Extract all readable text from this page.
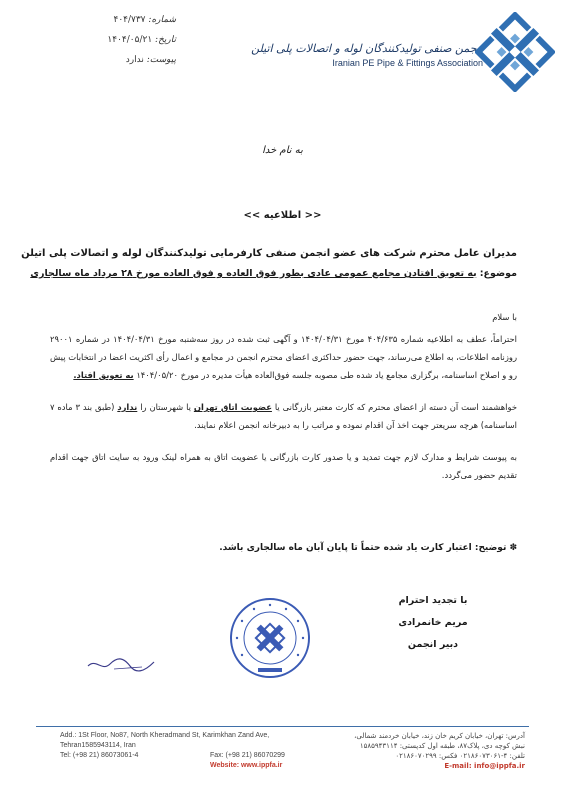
شماره: ۴۰۴/۷۳۷
تاریخ: ۱۴۰۴/۰۵/۲۱
پیوست: ندارد
انجمن صنفی تولیدکنندگان لوله و اتصالات پلی اتیلن
Iranian PE Pipe & Fittings Association
به نام خدا
<< اطلاعیه >>
مدیران عامل محترم شرکت های عضو انجمن صنفی کارفرمایی تولیدکنندگان لوله و اتصالات پلی اتیلن
موضوع: به تعویق افتادن مجامع عمومی عادی بطور فوق العاده و فوق العاده مورخ ۲۸ مرداد ماه سالجاری

با سلام

احتراماً، عطف به اطلاعیه شماره ۴۰۴/۶۳۵ مورخ ۱۴۰۴/۰۴/۳۱ و آگهی ثبت شده در روز سه‌شنبه مورخ ۱۴۰۴/۰۴/۳۱ در شماره ۲۹۰۰۱ روزنامه اطلاعات، به اطلاع می‌رساند، جهت حضور حداکثری اعضای محترم انجمن در مجامع و اعمال رأی اکثریت اعضا در انتخابات پیش رو و اصلاح اساسنامه، برگزاری مجامع یاد شده طی مصوبه جلسه فوق‌العاده هیأت مدیره در مورخ ۱۴۰۴/۰۵/۲۰ به تعویق افتاد.

خواهشمند است آن دسته از اعضای محترم که کارت معتبر بازرگانی یا عضویت اتاق تهران یا شهرستان را ندارد (طبق بند ۳ ماده ۷ اساسنامه) هرچه سریعتر جهت اخذ آن اقدام نموده و مراتب را به دبیرخانه انجمن اعلام نمایند.

به پیوست شرایط و مدارک لازم جهت تمدید و یا صدور کارت بازرگانی یا عضویت اتاق به همراه لینک ورود به سایت اتاق جهت اقدام تقدیم حضور می‌گردد.

✽ توضیح: اعتبار کارت یاد شده حتماً تا پایان آبان ماه سالجاری باشد.
با تجدید احترام
مریم خانمرادی
دبیر انجمن
Add.: 1St Floor, No87, North Kheradmand St, Karimkhan Zand Ave,
Tehran1585943114, Iran
Tel: (+98 21) 86073061-4	Fax: (+98 21) 86070299
Website: www.ippfa.ir
آدرس: تهران، خیابان کریم خان زند، خیابان خردمند شمالی،
نبش کوچه دی، پلاک۸۷، طبقه اول کدپستی: ۱۵۸۵۹۴۳۱۱۴
تلفن: ۴-۰۲۱۸۶۰۷۳۰۶۱ فکس: ۰۲۱۸۶۰۷۰۲۹۹
E-mail: info@ippfa.ir
